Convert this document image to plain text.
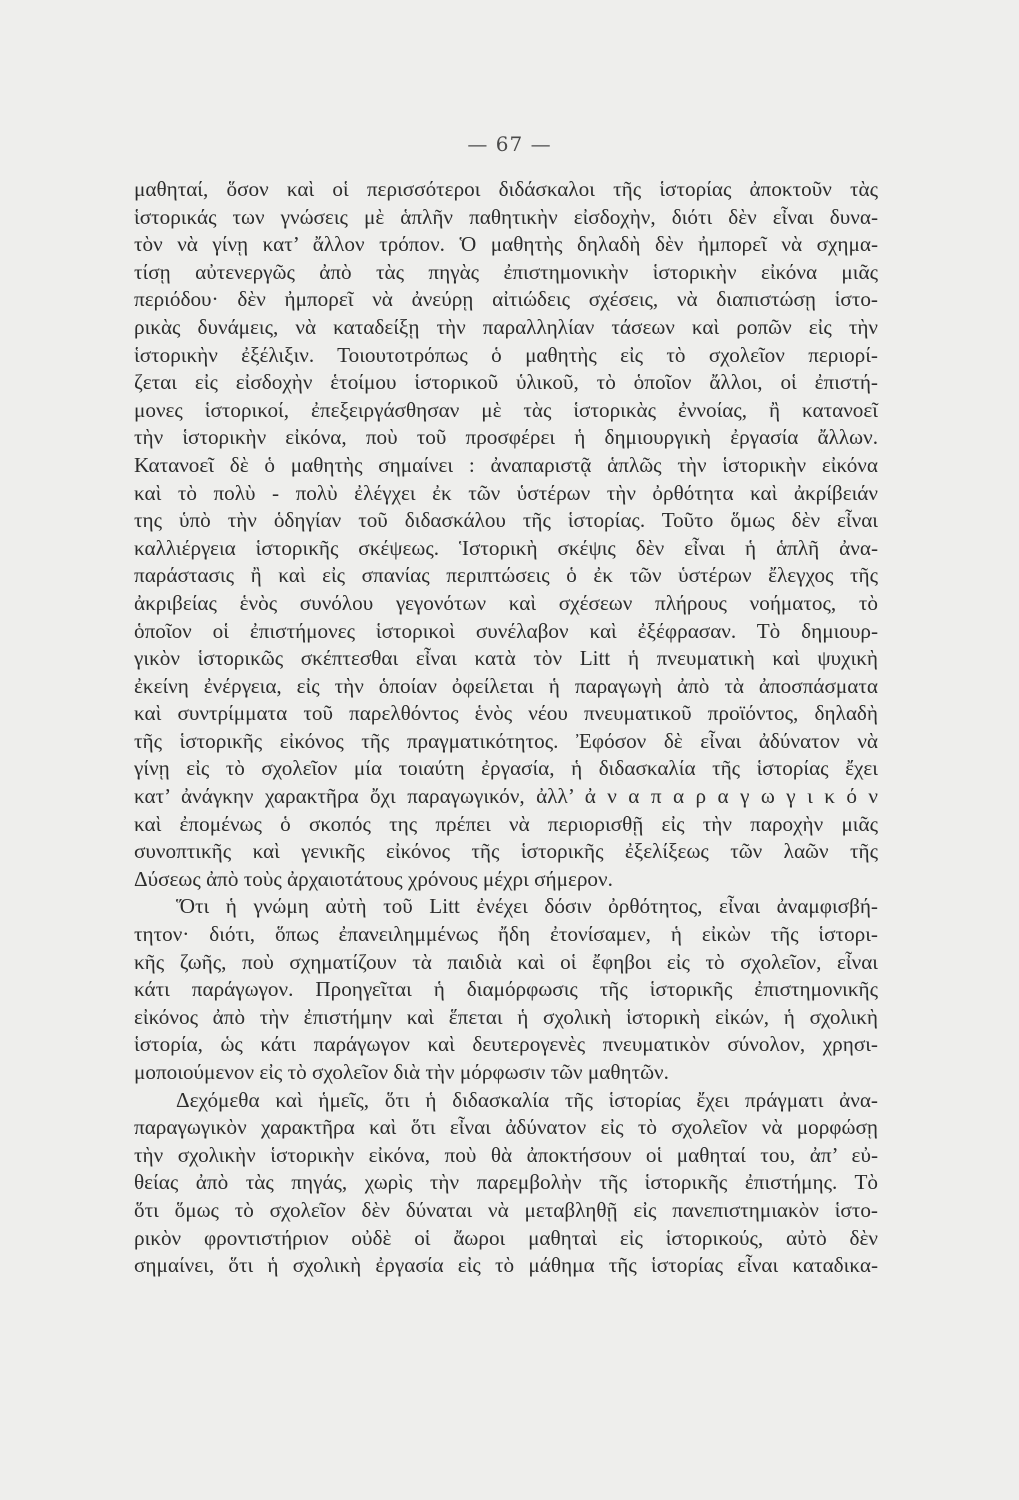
— 67 —
μαθηταί, ὅσον καὶ οἱ περισσότεροι διδάσκαλοι τῆς ἱστορίας ἀποκτοῦν τὰς
ἱστορικάς των γνώσεις μὲ ἁπλῆν παθητικὴν εἰσδοχὴν, διότι δὲν εἶναι δυνα-
τὸν νὰ γίνῃ κατ’ ἄλλον τρόπον. Ὁ μαθητὴς δηλαδὴ δὲν ἠμπορεῖ νὰ σχημα-
τίσῃ αὐτενεργῶς ἀπὸ τὰς πηγὰς ἐπιστημονικὴν ἱστορικὴν εἰκόνα μιᾶς
περιόδου· δὲν ἠμπορεῖ νὰ ἀνεύρῃ αἰτιώδεις σχέσεις, νὰ διαπιστώσῃ ἱστο-
ρικὰς δυνάμεις, νὰ καταδείξῃ τὴν παραλληλίαν τάσεων καὶ ροπῶν εἰς τὴν
ἱστορικὴν ἐξέλιξιν. Τοιουτοτρόπως ὁ μαθητὴς εἰς τὸ σχολεῖον περιορί-
ζεται εἰς εἰσδοχὴν ἑτοίμου ἱστορικοῦ ὑλικοῦ, τὸ ὁποῖον ἄλλοι, οἱ ἐπιστή-
μονες ἱστορικοί, ἐπεξειργάσθησαν μὲ τὰς ἱστορικὰς ἐννοίας, ἢ κατανοεῖ
τὴν ἱστορικὴν εἰκόνα, ποὺ τοῦ προσφέρει ἡ δημιουργικὴ ἐργασία ἄλλων.
Κατανοεῖ δὲ ὁ μαθητὴς σημαίνει : ἀναπαριστᾷ ἁπλῶς τὴν ἱστορικὴν εἰκόνα
καὶ τὸ πολὺ - πολὺ ἐλέγχει ἐκ τῶν ὑστέρων τὴν ὀρθότητα καὶ ἀκρίβειάν
της ὑπὸ τὴν ὁδηγίαν τοῦ διδασκάλου τῆς ἱστορίας. Τοῦτο ὅμως δὲν εἶναι
καλλιέργεια ἱστορικῆς σκέψεως. Ἱστορικὴ σκέψις δὲν εἶναι ἡ ἁπλῆ ἀνα-
παράστασις ἢ καὶ εἰς σπανίας περιπτώσεις ὁ ἐκ τῶν ὑστέρων ἔλεγχος τῆς
ἀκριβείας ἑνὸς συνόλου γεγονότων καὶ σχέσεων πλήρους νοήματος, τὸ
ὁποῖον οἱ ἐπιστήμονες ἱστορικοὶ συνέλαβον καὶ ἐξέφρασαν. Τὸ δημιουρ-
γικὸν ἱστορικῶς σκέπτεσθαι εἶναι κατὰ τὸν Litt ἡ πνευματικὴ καὶ ψυχικὴ
ἐκείνη ἐνέργεια, εἰς τὴν ὁποίαν ὀφείλεται ἡ παραγωγὴ ἀπὸ τὰ ἀποσπάσματα
καὶ συντρίμματα τοῦ παρελθόντος ἑνὸς νέου πνευματικοῦ προϊόντος, δηλαδὴ
τῆς ἱστορικῆς εἰκόνος τῆς πραγματικότητος. Ἐφόσον δὲ εἶναι ἀδύνατον νὰ
γίνῃ εἰς τὸ σχολεῖον μία τοιαύτη ἐργασία, ἡ διδασκαλία τῆς ἱστορίας ἔχει
κατ’ ἀνάγκην χαρακτῆρα ὄχι παραγωγικόν, ἀλλ’ ἀ ν α π α ρ α γ ω γ ι κ ό ν
καὶ ἐπομένως ὁ σκοπός της πρέπει νὰ περιορισθῇ εἰς τὴν παροχὴν μιᾶς
συνοπτικῆς καὶ γενικῆς εἰκόνος τῆς ἱστορικῆς ἐξελίξεως τῶν λαῶν τῆς
Δύσεως ἀπὸ τοὺς ἀρχαιοτάτους χρόνους μέχρι σήμερον.
Ὅτι ἡ γνώμη αὐτὴ τοῦ Litt ἐνέχει δόσιν ὀρθότητος, εἶναι ἀναμφισβή-
τητον· διότι, ὅπως ἐπανειλημμένως ἤδη ἐτονίσαμεν, ἡ εἰκὼν τῆς ἱστορι-
κῆς ζωῆς, ποὺ σχηματίζουν τὰ παιδιὰ καὶ οἱ ἔφηβοι εἰς τὸ σχολεῖον, εἶναι
κάτι παράγωγον. Προηγεῖται ἡ διαμόρφωσις τῆς ἱστορικῆς ἐπιστημονικῆς
εἰκόνος ἀπὸ τὴν ἐπιστήμην καὶ ἕπεται ἡ σχολικὴ ἱστορικὴ εἰκών, ἡ σχολικὴ
ἱστορία, ὡς κάτι παράγωγον καὶ δευτερογενὲς πνευματικὸν σύνολον, χρησι-
μοποιούμενον εἰς τὸ σχολεῖον διὰ τὴν μόρφωσιν τῶν μαθητῶν.
Δεχόμεθα καὶ ἡμεῖς, ὅτι ἡ διδασκαλία τῆς ἱστορίας ἔχει πράγματι ἀνα-
παραγωγικὸν χαρακτῆρα καὶ ὅτι εἶναι ἀδύνατον εἰς τὸ σχολεῖον νὰ μορφώσῃ
τὴν σχολικὴν ἱστορικὴν εἰκόνα, ποὺ θὰ ἀποκτήσουν οἱ μαθηταί του, ἀπ’ εὐ-
θείας ἀπὸ τὰς πηγάς, χωρὶς τὴν παρεμβολὴν τῆς ἱστορικῆς ἐπιστήμης. Τὸ
ὅτι ὅμως τὸ σχολεῖον δὲν δύναται νὰ μεταβληθῇ εἰς πανεπιστημιακὸν ἱστο-
ρικὸν φροντιστήριον οὐδὲ οἱ ἄωροι μαθηταὶ εἰς ἱστορικούς, αὐτὸ δὲν
σημαίνει, ὅτι ἡ σχολικὴ ἐργασία εἰς τὸ μάθημα τῆς ἱστορίας εἶναι καταδικα-
